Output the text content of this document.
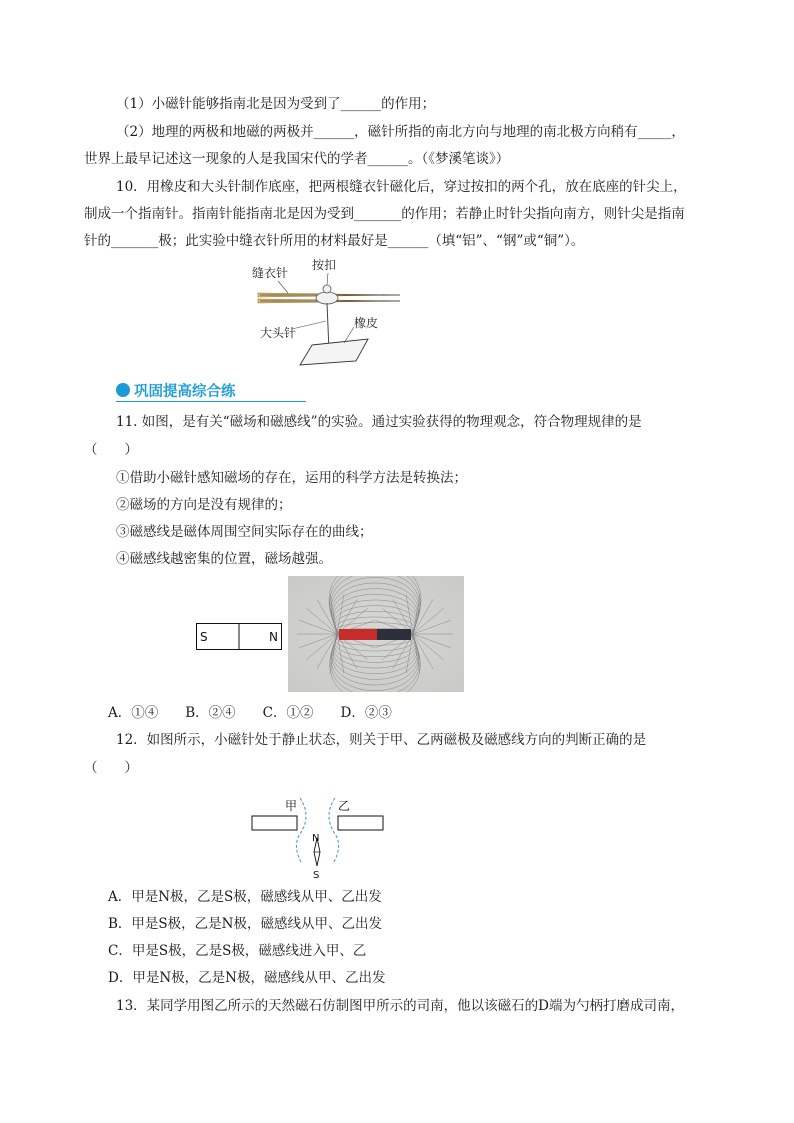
（1）小磁针能够指南北是因为受到了______的作用；
（2）地理的两极和地磁的两极并______，磁针所指的南北方向与地理的南北极方向稍有_____，
世界上最早记述这一现象的人是我国宋代的学者______。（《梦溪笔谈》）
10．用橡皮和大头针制作底座，把两根缝衣针磁化后，穿过按扣的两个孔，放在底座的针尖上，
制成一个指南针。指南针能指南北是因为受到_______的作用；若静止时针尖指向南方，则针尖是指南
针的_______极；此实验中缝衣针所用的材料最好是______（填“铝”、“钢”或“铜”）。
缝衣针
按扣
大头针
橡皮
巩固提高综合练
11. 如图，是有关“磁场和磁感线”的实验。通过实验获得的物理观念，符合物理规律的是
（　　）
①借助小磁针感知磁场的存在，运用的科学方法是转换法；
②磁场的方向是没有规律的；
③磁感线是磁体周围空间实际存在的曲线；
④磁感线越密集的位置，磁场越强。
S	N
A．①④　　B．②④　　C．①②　　D．②③
12．如图所示，小磁针处于静止状态，则关于甲、乙两磁极及磁感线方向的判断正确的是
（　　）
甲	乙
N
S
A．甲是N极，乙是S极，磁感线从甲、乙出发
B．甲是S极，乙是N极，磁感线从甲、乙出发
C．甲是S极，乙是S极，磁感线进入甲、乙
D．甲是N极，乙是N极，磁感线从甲、乙出发
13．某同学用图乙所示的天然磁石仿制图甲所示的司南，他以该磁石的D端为勺柄打磨成司南，
